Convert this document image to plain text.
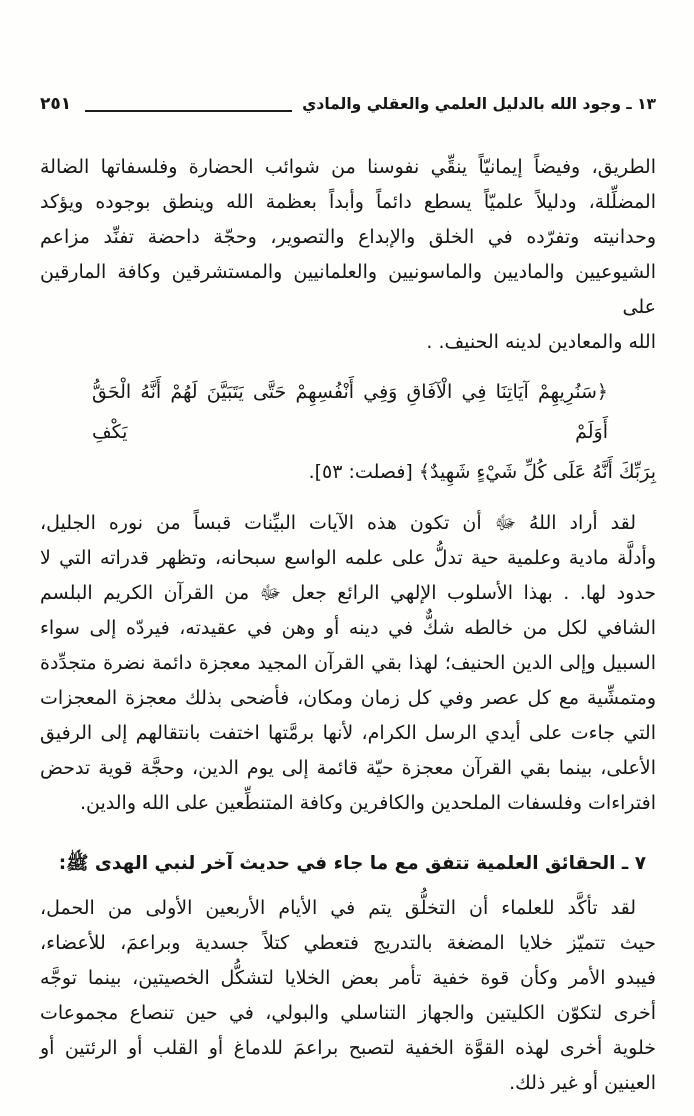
١٣ ـ وجود الله بالدليل العلمي والعقلي والمادي
٢٥١
الطريق، وفيضاً إيمانيّاً ينقِّي نفوسنا من شوائب الحضارة وفلسفاتها الضالة
المضلِّلة، ودليلاً علميّاً يسطع دائماً وأبداً بعظمة الله وينطق بوجوده ويؤكد
وحدانيته وتفرّده في الخلق والإبداع والتصوير، وحجّة داحضة تفنِّد مزاعم
الشيوعيين والماديين والماسونيين والعلمانيين والمستشرقين وكافة المارقين على
الله والمعادين لدينه الحنيف. .
﴿سَنُرِيهِمْ آيَاتِنَا فِي الْآفَاقِ وَفِي أَنْفُسِهِمْ حَتَّى يَتَبَيَّنَ لَهُمْ أَنَّهُ الْحَقُّ أَوَلَمْ يَكْفِ
بِرَبِّكَ أَنَّهُ عَلَى كُلِّ شَيْءٍ شَهِيدٌ﴾ [فصلت: ٥٣].
لقد أراد اللهُ ﷻ أن تكون هذه الآيات البيِّنات قبساً من نوره الجليل،
وأدلَّة مادية وعلمية حية تدلُّ على علمه الواسع سبحانه، وتظهر قدراته التي لا
حدود لها. . بهذا الأسلوب الإلهي الرائع جعل ﷻ من القرآن الكريم البلسم
الشافي لكل من خالطه شكٌّ في دينه أو وهن في عقيدته، فيردّه إلى سواء
السبيل وإلى الدين الحنيف؛ لهذا بقي القرآن المجيد معجزة دائمة نضرة متجدِّدة
ومتمشِّية مع كل عصر وفي كل زمان ومكان، فأضحى بذلك معجزة المعجزات
التي جاءت على أيدي الرسل الكرام، لأنها برمَّتها اختفت بانتقالهم إلى الرفيق
الأعلى، بينما بقي القرآن معجزة حيّة قائمة إلى يوم الدين، وحجَّة قوية تدحض
افتراءات وفلسفات الملحدين والكافرين وكافة المتنطِّعين على الله والدين.
٧ ـ الحقائق العلمية تتفق مع ما جاء في حديث آخر لنبي الهدى ﷺ:
لقد تأكَّد للعلماء أن التخلُّق يتم في الأيام الأربعين الأولى من الحمل،
حيث تتميّز خلايا المضغة بالتدريج فتعطي كتلاً جسدية وبراعمَ، للأعضاء،
فيبدو الأمر وكأن قوة خفية تأمر بعض الخلايا لتشكُّل الخصيتين، بينما توجَّه
أخرى لتكوّن الكليتين والجهاز التناسلي والبولي، في حين تنصاع مجموعات
خلوية أخرى لهذه القوَّة الخفية لتصبح براعمَ للدماغ أو القلب أو الرئتين أو
العينين أو غير ذلك.
